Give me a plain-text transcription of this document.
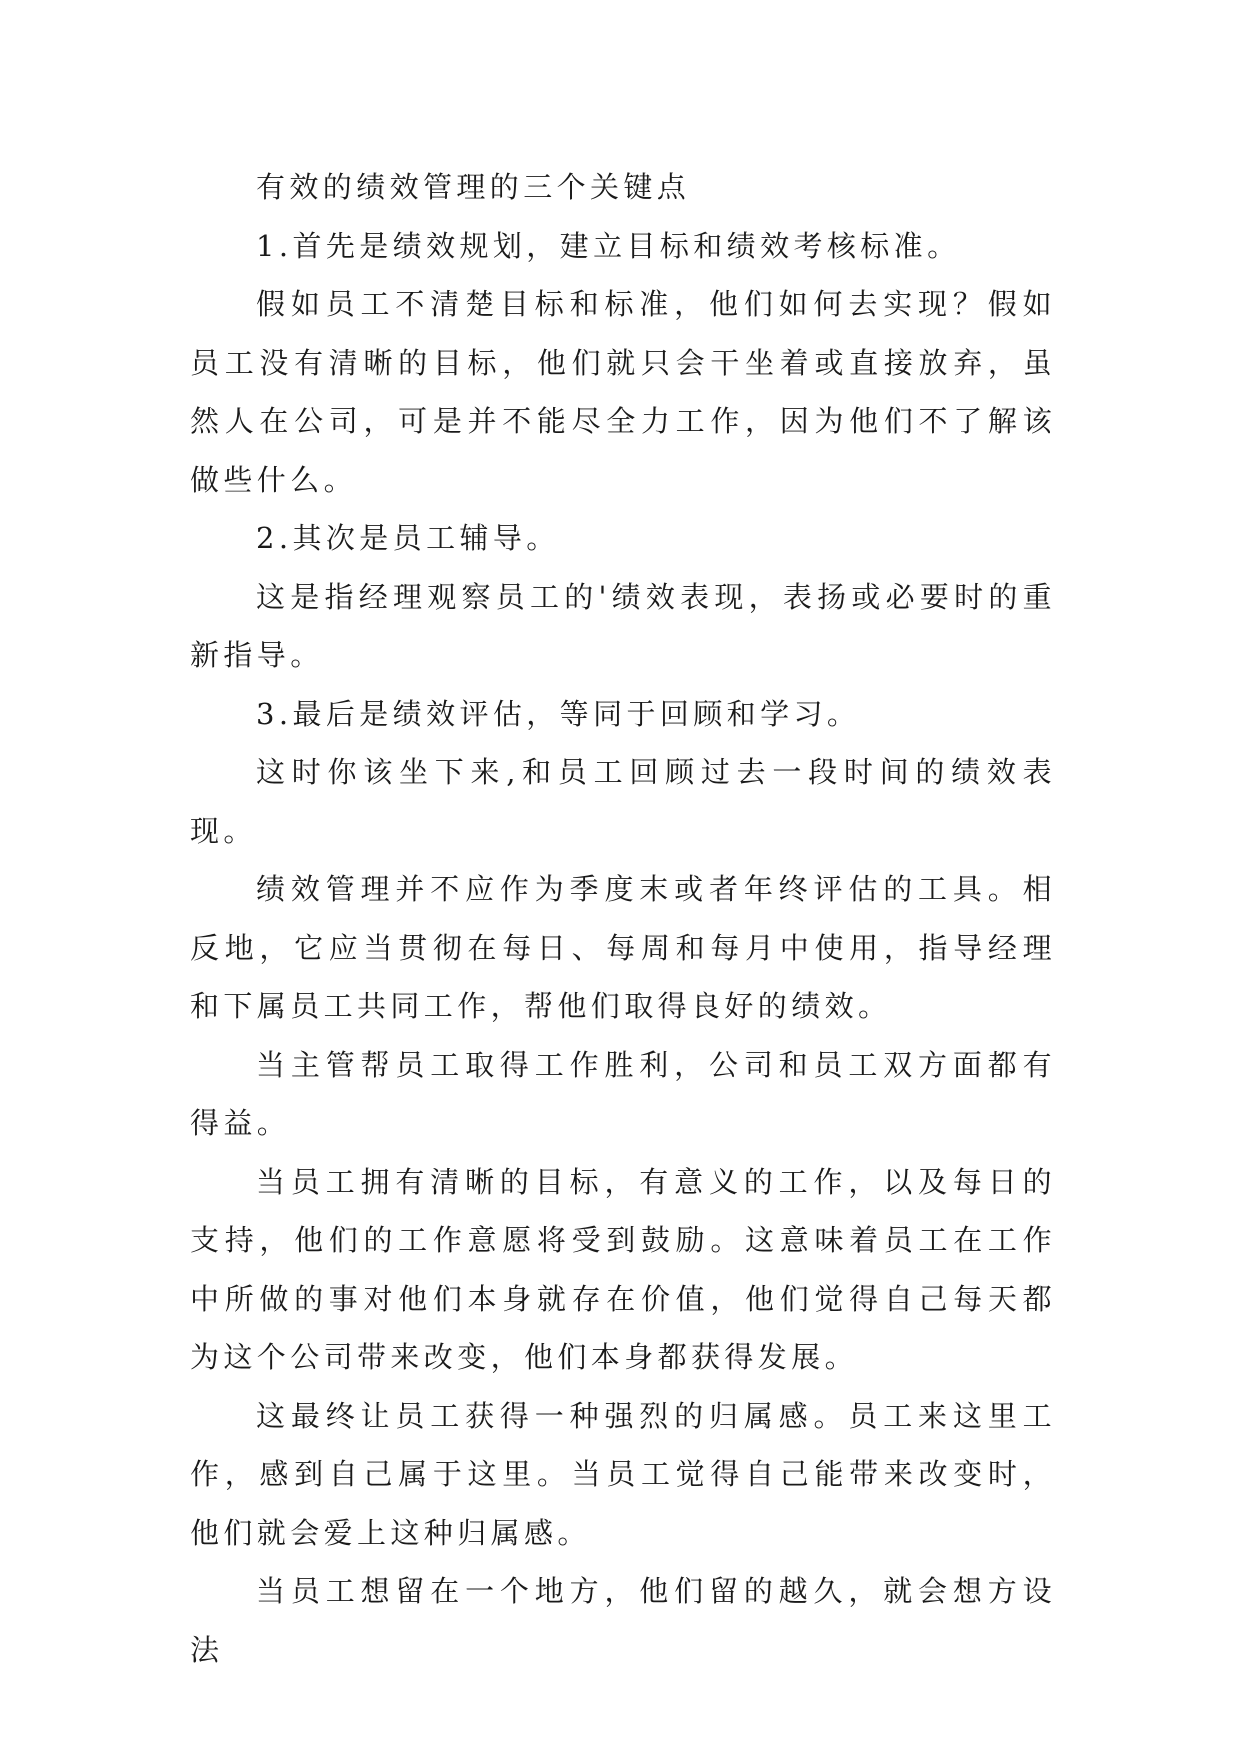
有效的绩效管理的三个关键点

1.首先是绩效规划，建立目标和绩效考核标准。

假如员工不清楚目标和标准，他们如何去实现？假如员工没有清晰的目标，他们就只会干坐着或直接放弃，虽然人在公司，可是并不能尽全力工作，因为他们不了解该做些什么。

2.其次是员工辅导。

这是指经理观察员工的'绩效表现，表扬或必要时的重新指导。

3.最后是绩效评估，等同于回顾和学习。

这时你该坐下来,和员工回顾过去一段时间的绩效表现。

绩效管理并不应作为季度末或者年终评估的工具。相反地，它应当贯彻在每日、每周和每月中使用，指导经理和下属员工共同工作，帮他们取得良好的绩效。

当主管帮员工取得工作胜利，公司和员工双方面都有得益。

当员工拥有清晰的目标，有意义的工作，以及每日的支持，他们的工作意愿将受到鼓励。这意味着员工在工作中所做的事对他们本身就存在价值，他们觉得自己每天都为这个公司带来改变，他们本身都获得发展。

这最终让员工获得一种强烈的归属感。员工来这里工作，感到自己属于这里。当员工觉得自己能带来改变时，他们就会爱上这种归属感。

当员工想留在一个地方，他们留的越久，就会想方设法
